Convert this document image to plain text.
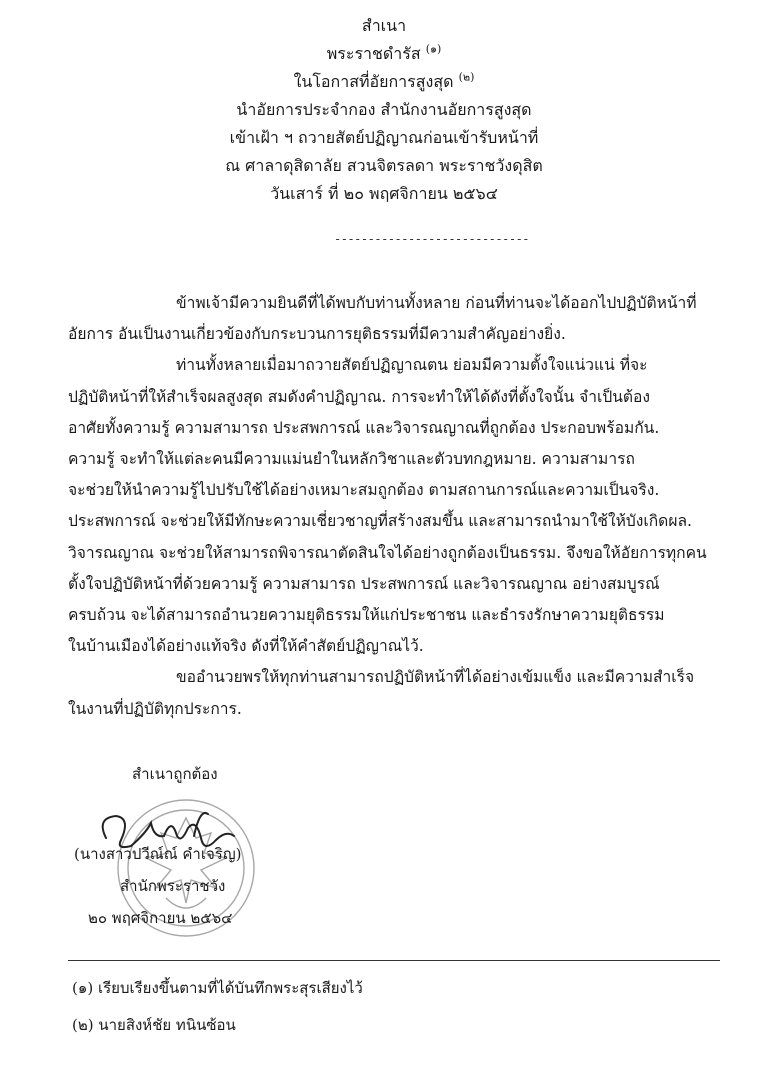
สำเนา
พระราชดำรัส $^{(๑)}$
ในโอกาสที่อัยการสูงสุด $^{(๒)}$
นำอัยการประจำกอง สำนักงานอัยการสูงสุด
เข้าเฝ้า ฯ ถวายสัตย์ปฏิญาณก่อนเข้ารับหน้าที่
ณ ศาลาดุสิดาลัย สวนจิตรลดา พระราชวังดุสิต
วันเสาร์ ที่ ๒๐ พฤศจิกายน ๒๕๖๔
-----------------------------
ข้าพเจ้ามีความยินดีที่ได้พบกับท่านทั้งหลาย ก่อนที่ท่านจะได้ออกไปปฏิบัติหน้าที่
อัยการ อันเป็นงานเกี่ยวข้องกับกระบวนการยุติธรรมที่มีความสำคัญอย่างยิ่ง.
ท่านทั้งหลายเมื่อมาถวายสัตย์ปฏิญาณตน ย่อมมีความตั้งใจแน่วแน่ ที่จะ
ปฏิบัติหน้าที่ให้สำเร็จผลสูงสุด สมดังคำปฏิญาณ. การจะทำให้ได้ดังที่ตั้งใจนั้น จำเป็นต้อง
อาศัยทั้งความรู้ ความสามารถ ประสพการณ์ และวิจารณญาณที่ถูกต้อง ประกอบพร้อมกัน.
ความรู้ จะทำให้แต่ละคนมีความแม่นยำในหลักวิชาและตัวบทกฎหมาย. ความสามารถ
จะช่วยให้นำความรู้ไปปรับใช้ได้อย่างเหมาะสมถูกต้อง ตามสถานการณ์และความเป็นจริง.
ประสพการณ์ จะช่วยให้มีทักษะความเชี่ยวชาญที่สร้างสมขึ้น และสามารถนำมาใช้ให้บังเกิดผล.
วิจารณญาณ จะช่วยให้สามารถพิจารณาตัดสินใจได้อย่างถูกต้องเป็นธรรม. จึงขอให้อัยการทุกคน
ตั้งใจปฏิบัติหน้าที่ด้วยความรู้ ความสามารถ ประสพการณ์ และวิจารณญาณ อย่างสมบูรณ์
ครบถ้วน จะได้สามารถอำนวยความยุติธรรมให้แก่ประชาชน และธำรงรักษาความยุติธรรม
ในบ้านเมืองได้อย่างแท้จริง ดังที่ให้คำสัตย์ปฏิญาณไว้.
ขออำนวยพรให้ทุกท่านสามารถปฏิบัติหน้าที่ได้อย่างเข้มแข็ง และมีความสำเร็จ
ในงานที่ปฏิบัติทุกประการ.
สำเนาถูกต้อง
(นางสาวปวีณ์ณ์ คำเจริญ)
สำนักพระราชวัง
๒๐ พฤศจิกายน ๒๕๖๔
(๑) เรียบเรียงขึ้นตามที่ได้บันทึกพระสุรเสียงไว้
(๒) นายสิงห์ชัย ทนินซ้อน
